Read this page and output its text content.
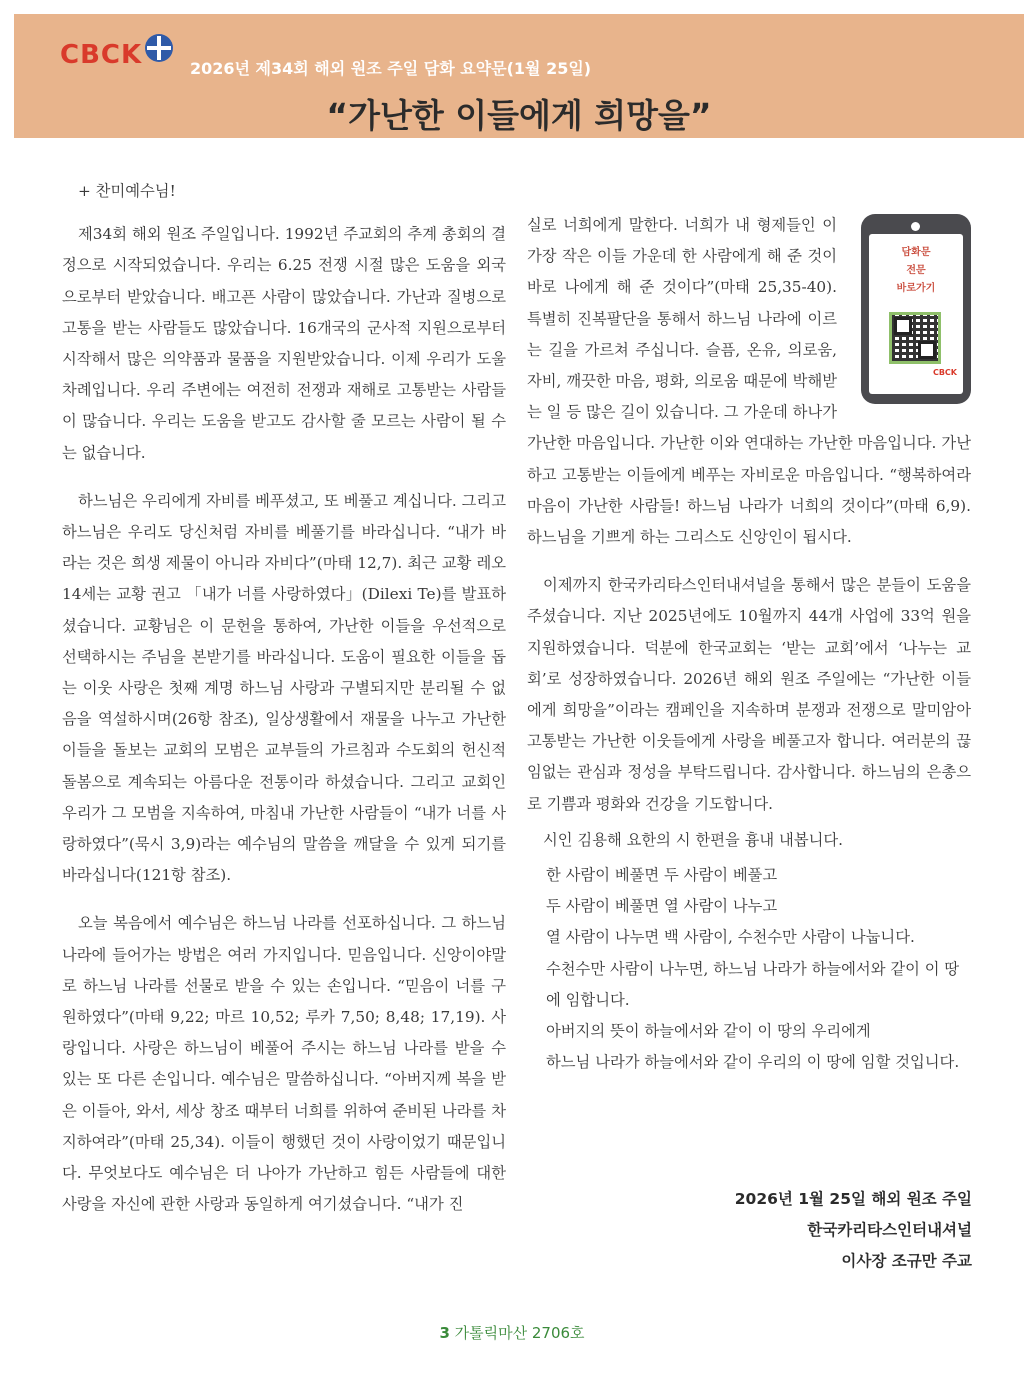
CBCK	2026년 제34회 해외 원조 주일 담화 요약문(1월 25일)
“가난한 이들에게 희망을”

+ 찬미예수님!

제34회 해외 원조 주일입니다. 1992년 주교회의 추계 총회의 결정으로 시작되었습니다. 우리는 6.25 전쟁 시절 많은 도움을 외국으로부터 받았습니다. 배고픈 사람이 많았습니다. 가난과 질병으로 고통을 받는 사람들도 많았습니다. 16개국의 군사적 지원으로부터 시작해서 많은 의약품과 물품을 지원받았습니다. 이제 우리가 도울 차례입니다. 우리 주변에는 여전히 전쟁과 재해로 고통받는 사람들이 많습니다. 우리는 도움을 받고도 감사할 줄 모르는 사람이 될 수는 없습니다.

하느님은 우리에게 자비를 베푸셨고, 또 베풀고 계십니다. 그리고 하느님은 우리도 당신처럼 자비를 베풀기를 바라십니다. “내가 바라는 것은 희생 제물이 아니라 자비다”(마태 12,7). 최근 교황 레오 14세는 교황 권고 「내가 너를 사랑하였다」(Dilexi Te)를 발표하셨습니다. 교황님은 이 문헌을 통하여, 가난한 이들을 우선적으로 선택하시는 주님을 본받기를 바라십니다. 도움이 필요한 이들을 돕는 이웃 사랑은 첫째 계명 하느님 사랑과 구별되지만 분리될 수 없음을 역설하시며(26항 참조), 일상생활에서 재물을 나누고 가난한 이들을 돌보는 교회의 모범은 교부들의 가르침과 수도회의 헌신적 돌봄으로 계속되는 아름다운 전통이라 하셨습니다. 그리고 교회인 우리가 그 모범을 지속하여, 마침내 가난한 사람들이 “내가 너를 사랑하였다”(묵시 3,9)라는 예수님의 말씀을 깨달을 수 있게 되기를 바라십니다(121항 참조).

오늘 복음에서 예수님은 하느님 나라를 선포하십니다. 그 하느님 나라에 들어가는 방법은 여러 가지입니다. 믿음입니다. 신앙이야말로 하느님 나라를 선물로 받을 수 있는 손입니다. “믿음이 너를 구원하였다”(마태 9,22; 마르 10,52; 루카 7,50; 8,48; 17,19). 사랑입니다. 사랑은 하느님이 베풀어 주시는 하느님 나라를 받을 수 있는 또 다른 손입니다. 예수님은 말씀하십니다. “아버지께 복을 받은 이들아, 와서, 세상 창조 때부터 너희를 위하여 준비된 나라를 차지하여라”(마태 25,34). 이들이 행했던 것이 사랑이었기 때문입니다. 무엇보다도 예수님은 더 나아가 가난하고 힘든 사람들에 대한 사랑을 자신에 관한 사랑과 동일하게 여기셨습니다. “내가 진

담화문
전문
바로가기
CBCK

실로 너희에게 말한다. 너희가 내 형제들인 이 가장 작은 이들 가운데 한 사람에게 해 준 것이 바로 나에게 해 준 것이다”(마태 25,35-40). 특별히 진복팔단을 통해서 하느님 나라에 이르는 길을 가르쳐 주십니다. 슬픔, 온유, 의로움, 자비, 깨끗한 마음, 평화, 의로움 때문에 박해받는 일 등 많은 길이 있습니다. 그 가운데 하나가 가난한 마음입니다. 가난한 이와 연대하는 가난한 마음입니다. 가난하고 고통받는 이들에게 베푸는 자비로운 마음입니다. “행복하여라 마음이 가난한 사람들! 하느님 나라가 너희의 것이다”(마태 6,9). 하느님을 기쁘게 하는 그리스도 신앙인이 됩시다.

이제까지 한국카리타스인터내셔널을 통해서 많은 분들이 도움을 주셨습니다. 지난 2025년에도 10월까지 44개 사업에 33억 원을 지원하였습니다. 덕분에 한국교회는 ‘받는 교회’에서 ‘나누는 교회’로 성장하였습니다. 2026년 해외 원조 주일에는 “가난한 이들에게 희망을”이라는 캠페인을 지속하며 분쟁과 전쟁으로 말미암아 고통받는 가난한 이웃들에게 사랑을 베풀고자 합니다. 여러분의 끊임없는 관심과 정성을 부탁드립니다. 감사합니다. 하느님의 은총으로 기쁨과 평화와 건강을 기도합니다.

시인 김용해 요한의 시 한편을 흉내 내봅니다.

한 사람이 베풀면 두 사람이 베풀고
두 사람이 베풀면 열 사람이 나누고
열 사람이 나누면 백 사람이, 수천수만 사람이 나눕니다.
수천수만 사람이 나누면, 하느님 나라가 하늘에서와 같이 이 땅에 임합니다.
아버지의 뜻이 하늘에서와 같이 이 땅의 우리에게
하느님 나라가 하늘에서와 같이 우리의 이 땅에 임할 것입니다.
2026년 1월 25일 해외 원조 주일
한국카리타스인터내셔널
이사장 조규만 주교
3 가톨릭마산 2706호
